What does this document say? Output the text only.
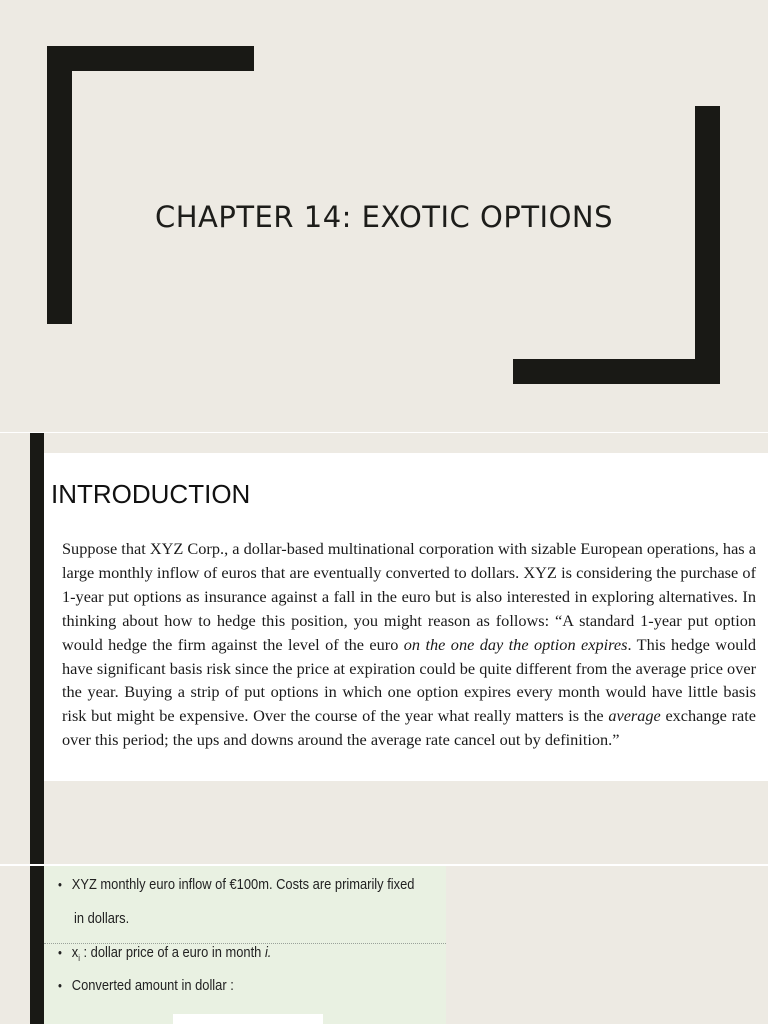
CHAPTER 14: EXOTIC OPTIONS
INTRODUCTION
Suppose that XYZ Corp., a dollar-based multinational corporation with sizable European operations, has a large monthly inflow of euros that are eventually converted to dollars. XYZ is considering the purchase of 1-year put options as insurance against a fall in the euro but is also interested in exploring alternatives. In thinking about how to hedge this position, you might reason as follows: “A standard 1-year put option would hedge the firm against the level of the euro on the one day the option expires. This hedge would have significant basis risk since the price at expiration could be quite different from the average price over the year. Buying a strip of put options in which one option expires every month would have little basis risk but might be expensive. Over the course of the year what really matters is the average exchange rate over this period; the ups and downs around the average rate cancel out by definition.”
• XYZ monthly euro inflow of €100m. Costs are primarily fixed
in dollars.
• $x_i$ : dollar price of a euro in month i.
• Converted amount in dollar :
